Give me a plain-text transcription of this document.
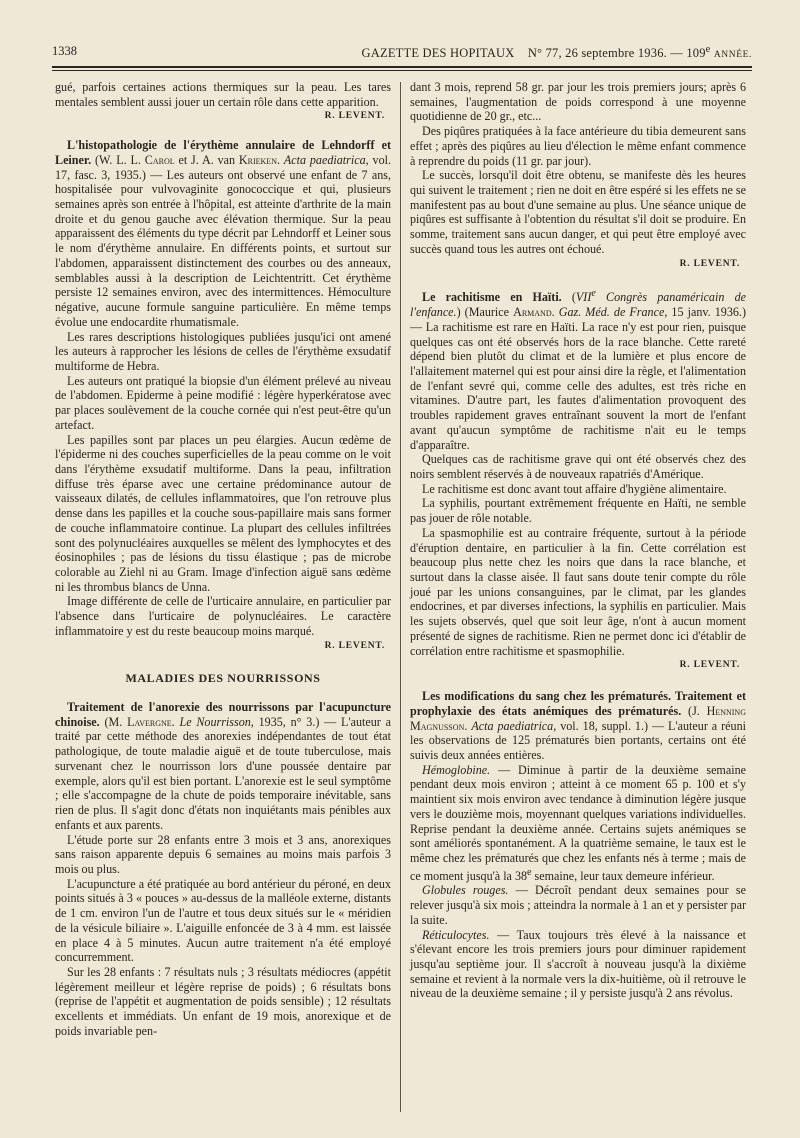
1338	GAZETTE DES HOPITAUX N° 77, 26 septembre 1936. — 109e ANNÉE.

gué, parfois certaines actions thermiques sur la peau. Les tares mentales semblent aussi jouer un certain rôle dans cette apparition.

R. LEVENT.

L'histopathologie de l'érythème annulaire de Lehndorff et Leiner. (W. L. L. Carol et J. A. van Krieken. Acta paediatrica, vol. 17, fasc. 3, 1935.) — Les auteurs ont observé une enfant de 7 ans, hospitalisée pour vulvovaginite gonococcique et qui, plusieurs semaines après son entrée à l'hôpital, est atteinte d'arthrite de la main droite et du genou gauche avec élévation thermique. Sur la peau apparaissent des éléments du type décrit par Lehndorff et Leiner sous le nom d'érythème annulaire. En différents points, et surtout sur l'abdomen, apparaissent distinctement des courbes ou des anneaux, semblables aussi à la description de Leichtentritt. Cet érythème persiste 12 semaines environ, avec des intermittences. Hémoculture négative, aucune formule sanguine particulière. En même temps évolue une endocardite rhumatismale.

Les rares descriptions histologiques publiées jusqu'ici ont amené les auteurs à rapprocher les lésions de celles de l'érythème exsudatif multiforme de Hebra.

Les auteurs ont pratiqué la biopsie d'un élément prélevé au niveau de l'abdomen. Epiderme à peine modifié : légère hyperkératose avec par places soulèvement de la couche cornée qui n'est peut-être qu'un artefact.

Les papilles sont par places un peu élargies. Aucun œdème de l'épiderme ni des couches superficielles de la peau comme on le voit dans l'érythème exsudatif multiforme. Dans la peau, infiltration diffuse très éparse avec une certaine prédominance autour de vaisseaux dilatés, de cellules inflammatoires, que l'on retrouve plus dense dans les papilles et la couche sous-papillaire mais sans former de couche inflammatoire continue. La plupart des cellules infiltrées sont des polynucléaires auxquelles se mêlent des lymphocytes et des éosinophiles ; pas de lésions du tissu élastique ; pas de microbe colorable au Ziehl ni au Gram. Image d'infection aiguë sans œdème ni les thrombus blancs de Unna.

Image différente de celle de l'urticaire annulaire, en particulier par l'absence dans l'urticaire de polynucléaires. Le caractère inflammatoire y est du reste beaucoup moins marqué.

R. LEVENT.

MALADIES DES NOURRISSONS

Traitement de l'anorexie des nourrissons par l'acupuncture chinoise. (M. Lavergne. Le Nourrisson, 1935, n° 3.) — L'auteur a traité par cette méthode des anorexies indépendantes de tout état pathologique, de toute maladie aiguë et de toute tuberculose, mais survenant chez le nourrisson lors d'une poussée dentaire par exemple, alors qu'il est bien portant. L'anorexie est le seul symptôme ; elle s'accompagne de la chute de poids temporaire inévitable, sans rien de plus. Il s'agit donc d'états non inquiétants mais pénibles aux enfants et aux parents.

L'étude porte sur 28 enfants entre 3 mois et 3 ans, anorexiques sans raison apparente depuis 6 semaines au moins mais parfois 3 mois ou plus.

L'acupuncture a été pratiquée au bord antérieur du péroné, en deux points situés à 3 « pouces » au-dessus de la malléole externe, distants de 1 cm. environ l'un de l'autre et tous deux situés sur le « méridien de la vésicule biliaire ». L'aiguille enfoncée de 3 à 4 mm. est laissée en place 4 à 5 minutes. Aucun autre traitement n'a été employé concurremment.

Sur les 28 enfants : 7 résultats nuls ; 3 résultats médiocres (appétit légèrement meilleur et légère reprise de poids) ; 6 résultats bons (reprise de l'appétit et augmentation de poids sensible) ; 12 résultats excellents et immédiats. Un enfant de 19 mois, anorexique et de poids invariable pen-

dant 3 mois, reprend 58 gr. par jour les trois premiers jours; après 6 semaines, l'augmentation de poids correspond à une moyenne quotidienne de 20 gr., etc...

Des piqûres pratiquées à la face antérieure du tibia demeurent sans effet ; après des piqûres au lieu d'élection le même enfant commence à reprendre du poids (11 gr. par jour).

Le succès, lorsqu'il doit être obtenu, se manifeste dès les heures qui suivent le traitement ; rien ne doit en être espéré si les effets ne se manifestent pas au bout d'une semaine au plus. Une séance unique de piqûres est suffisante à l'obtention du résultat s'il doit se produire. En somme, traitement sans aucun danger, et qui peut être employé avec succès quand tous les autres ont échoué.

R. LEVENT.

Le rachitisme en Haïti. (VIIe Congrès panaméricain de l'enfance.) (Maurice Armand. Gaz. Méd. de France, 15 janv. 1936.) — La rachitisme est rare en Haïti. La race n'y est pour rien, puisque quelques cas ont été observés hors de la race blanche. Cette rareté dépend bien plutôt du climat et de la lumière et plus encore de l'allaitement maternel qui est pour ainsi dire la règle, et l'alimentation de l'enfant sevré qui, comme celle des adultes, est très riche en vitamines. D'autre part, les fautes d'alimentation provoquent des troubles rapidement graves entraînant souvent la mort de l'enfant avant qu'aucun symptôme de rachitisme n'ait eu le temps d'apparaître.

Quelques cas de rachitisme grave qui ont été observés chez des noirs semblent réservés à de nouveaux rapatriés d'Amérique.

Le rachitisme est donc avant tout affaire d'hygiène alimentaire.

La syphilis, pourtant extrêmement fréquente en Haïti, ne semble pas jouer de rôle notable.

La spasmophilie est au contraire fréquente, surtout à la période d'éruption dentaire, en particulier à la fin. Cette corrélation est beaucoup plus nette chez les noirs que dans la race blanche, et surtout dans la classe aisée. Il faut sans doute tenir compte du rôle joué par les unions consanguines, par le climat, par les glandes endocrines, et par diverses infections, la syphilis en particulier. Mais les sujets observés, quel que soit leur âge, n'ont à aucun moment présenté de signes de rachitisme. Rien ne permet donc ici d'établir de corrélation entre rachitisme et spasmophilie.

R. LEVENT.

Les modifications du sang chez les prématurés. Traitement et prophylaxie des états anémiques des prématurés. (J. Henning Magnusson. Acta paediatrica, vol. 18, suppl. 1.) — L'auteur a réuni les observations de 125 prématurés bien portants, certains ont été suivis deux années entières.

Hémoglobine. — Diminue à partir de la deuxième semaine pendant deux mois environ ; atteint à ce moment 65 p. 100 et s'y maintient six mois environ avec tendance à diminution légère jusque vers le douzième mois, moyennant quelques variations individuelles. Reprise pendant la deuxième année. Certains sujets anémiques se sont améliorés spontanément. A la quatrième semaine, le taux est le même chez les prématurés que chez les enfants nés à terme ; mais de ce moment jusqu'à la 38e semaine, leur taux demeure inférieur.

Globules rouges. — Décroît pendant deux semaines pour se relever jusqu'à six mois ; atteindra la normale à 1 an et y persister par la suite.

Réticulocytes. — Taux toujours très élevé à la naissance et s'élevant encore les trois premiers jours pour diminuer rapidement jusqu'au septième jour. Il s'accroît à nouveau jusqu'à la dixième semaine et revient à la normale vers la dix-huitième, où il retrouve le niveau de la deuxième semaine ; il y persiste jusqu'à 2 ans révolus.
